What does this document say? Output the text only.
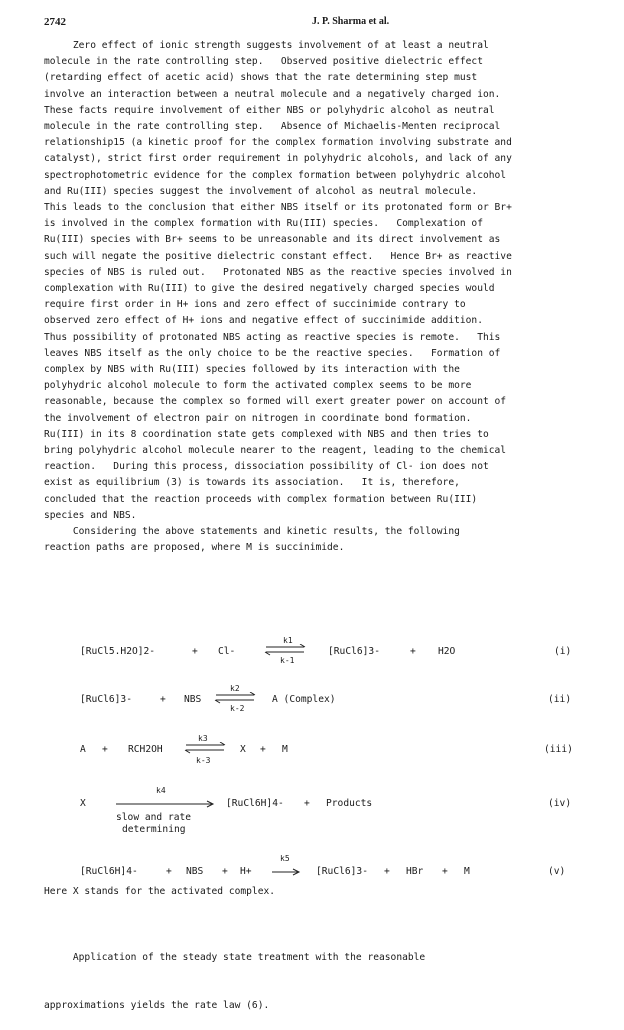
2742	J. P. Sharma et al.
Zero effect of ionic strength suggests involvement of at least a neutral
molecule in the rate controlling step.   Observed positive dielectric effect
(retarding effect of acetic acid) shows that the rate determining step must
involve an interaction between a neutral molecule and a negatively charged ion.
These facts require involvement of either NBS or polyhydric alcohol as neutral
molecule in the rate controlling step.   Absence of Michaelis-Menten reciprocal
relationship15 (a kinetic proof for the complex formation involving substrate and
catalyst), strict first order requirement in polyhydric alcohols, and lack of any
spectrophotometric evidence for the complex formation between polyhydric alcohol
and Ru(III) species suggest the involvement of alcohol as neutral molecule.
This leads to the conclusion that either NBS itself or its protonated form or Br+
is involved in the complex formation with Ru(III) species.   Complexation of
Ru(III) species with Br+ seems to be unreasonable and its direct involvement as
such will negate the positive dielectric constant effect.   Hence Br+ as reactive
species of NBS is ruled out.   Protonated NBS as the reactive species involved in
complexation with Ru(III) to give the desired negatively charged species would
require first order in H+ ions and zero effect of succinimide contrary to
observed zero effect of H+ ions and negative effect of succinimide addition.
Thus possibility of protonated NBS acting as reactive species is remote.   This
leaves NBS itself as the only choice to be the reactive species.   Formation of
complex by NBS with Ru(III) species followed by its interaction with the
polyhydric alcohol molecule to form the activated complex seems to be more
reasonable, because the complex so formed will exert greater power on account of
the involvement of electron pair on nitrogen in coordinate bond formation.
Ru(III) in its 8 coordination state gets complexed with NBS and then tries to
bring polyhydric alcohol molecule nearer to the reagent, leading to the chemical
reaction.   During this process, dissociation possibility of Cl- ion does not
exist as equilibrium (3) is towards its association.   It is, therefore,
concluded that the reaction proceeds with complex formation between Ru(III)
species and NBS.
Considering the above statements and kinetic results, the following
reaction paths are proposed, where M is succinimide.
[RuCl5.H2O]2-	+ Cl-
k1
k-1
[RuCl6]3-	+ H2O	(i)
[RuCl6]3-	+ NBS
k2
k-2
A (Complex)	(ii)
A + RCH2OH
k3
k-3
X + M	(iii)
X
k4
slow and rate
determining
[RuCl6H]4- + Products	(iv)
[RuCl6H]4-	+ NBS + H+
k5
[RuCl6]3- + HBr + M	(v)
Here X stands for the activated complex.

Application of the steady state treatment with the reasonable

approximations yields the rate law (6).
